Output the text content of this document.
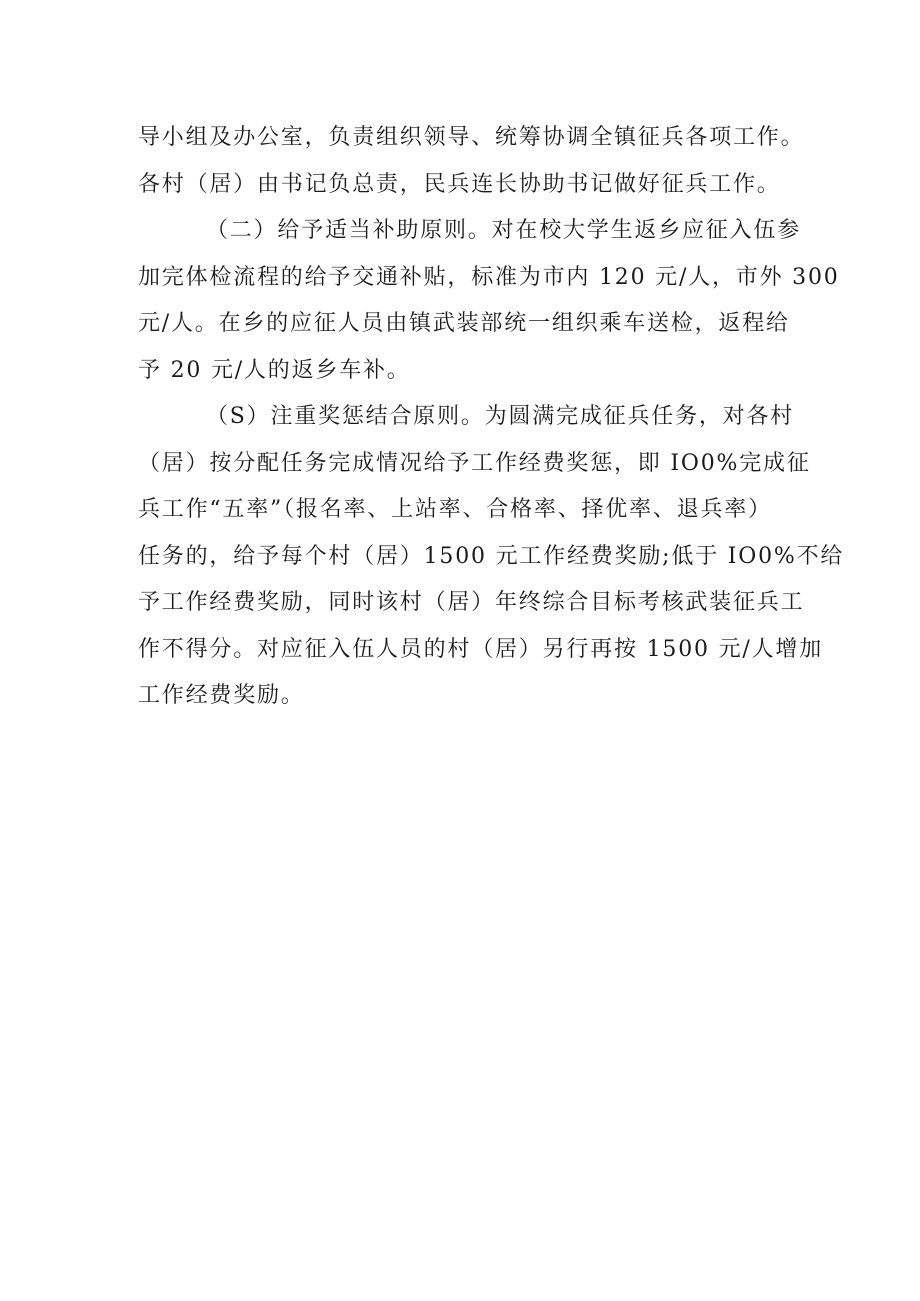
导小组及办公室，负责组织领导、统筹协调全镇征兵各项工作。
各村（居）由书记负总责，民兵连长协助书记做好征兵工作。
（二）给予适当补助原则。对在校大学生返乡应征入伍参
加完体检流程的给予交通补贴，标准为市内 120 元/人，市外 300
元/人。在乡的应征人员由镇武装部统一组织乘车送检，返程给
予 20 元/人的返乡车补。
（S）注重奖惩结合原则。为圆满完成征兵任务，对各村
（居）按分配任务完成情况给予工作经费奖惩，即 IO0%完成征
兵工作“五率”（报名率、上站率、合格率、择优率、退兵率）
任务的，给予每个村（居）1500 元工作经费奖励;低于 IO0%不给
予工作经费奖励，同时该村（居）年终综合目标考核武装征兵工
作不得分。对应征入伍人员的村（居）另行再按 1500 元/人增加
工作经费奖励。
